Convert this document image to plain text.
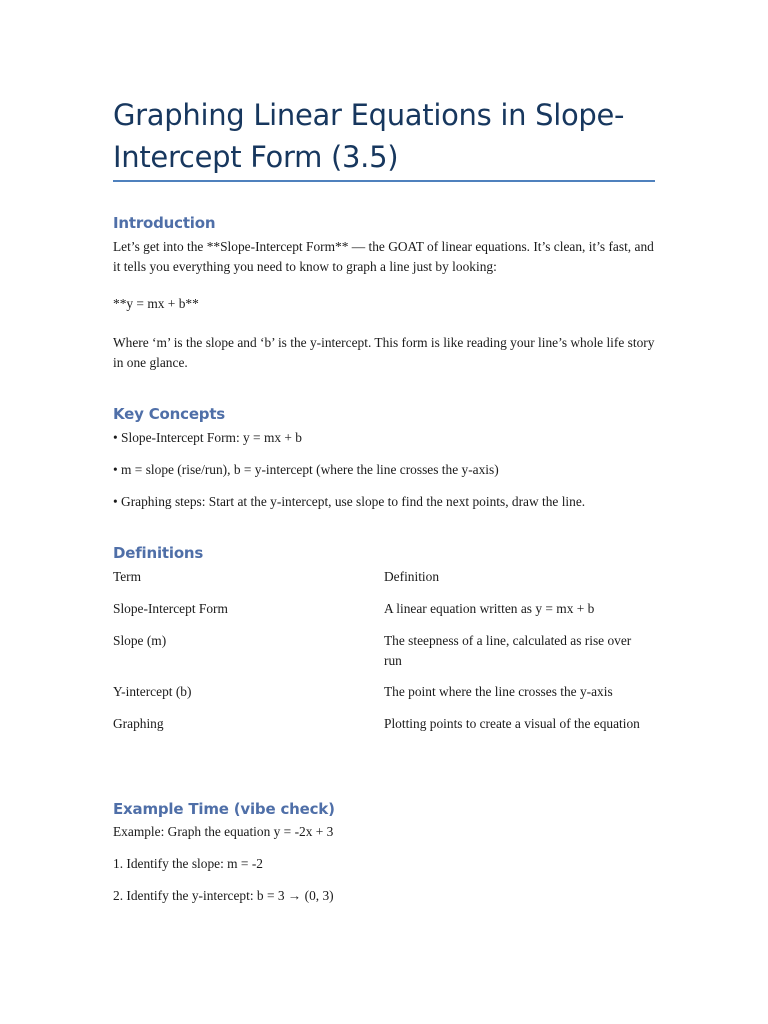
Graphing Linear Equations in Slope-Intercept Form (3.5)
Introduction

Let’s get into the **Slope-Intercept Form** — the GOAT of linear equations. It’s clean, it’s fast, and it tells you everything you need to know to graph a line just by looking:

**y = mx + b**

Where ‘m’ is the slope and ‘b’ is the y-intercept. This form is like reading your line’s whole life story in one glance.

Key Concepts

• Slope-Intercept Form: y = mx + b

• m = slope (rise/run), b = y-intercept (where the line crosses the y-axis)

• Graphing steps: Start at the y-intercept, use slope to find the next points, draw the line.

Definitions

Term	Definition

Slope-Intercept Form	A linear equation written as y = mx + b

Slope (m)	The steepness of a line, calculated as rise over run

Y-intercept (b)	The point where the line crosses the y-axis

Graphing	Plotting points to create a visual of the equation

Example Time (vibe check)

Example: Graph the equation y = -2x + 3

1. Identify the slope: m = -2

2. Identify the y-intercept: b = 3 → (0, 3)
